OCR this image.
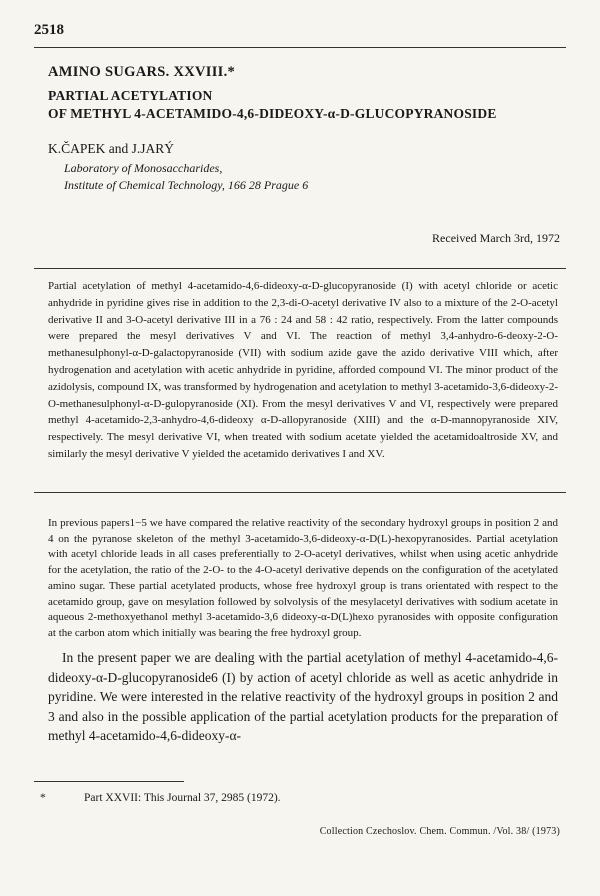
2518
AMINO SUGARS. XXVIII.*
PARTIAL ACETYLATION
OF METHYL 4-ACETAMIDO-4,6-DIDEOXY-α-D-GLUCOPYRANOSIDE
K.ČAPEK and J.JARÝ
Laboratory of Monosaccharides,
Institute of Chemical Technology, 166 28 Prague 6
Received March 3rd, 1972

Partial acetylation of methyl 4-acetamido-4,6-dideoxy-α-D-glucopyranoside (I) with acetyl chloride or acetic anhydride in pyridine gives rise in addition to the 2,3-di-O-acetyl derivative IV also to a mixture of the 2-O-acetyl derivative II and 3-O-acetyl derivative III in a 76 : 24 and 58 : 42 ratio, respectively. From the latter compounds were prepared the mesyl derivatives V and VI. The reaction of methyl 3,4-anhydro-6-deoxy-2-O-methanesulphonyl-α-D-galactopyranoside (VII) with sodium azide gave the azido derivative VIII which, after hydrogenation and acetylation with acetic anhydride in pyridine, afforded compound VI. The minor product of the azidolysis, compound IX, was transformed by hydrogenation and acetylation to methyl 3-acetamido-3,6-dideoxy-2-O-methanesulphonyl-α-D-gulopyranoside (XI). From the mesyl derivatives V and VI, respectively were prepared methyl 4-acetamido-2,3-anhydro-4,6-dideoxy α-D-allopyranoside (XIII) and the α-D-mannopyranoside XIV, respectively. The mesyl derivative VI, when treated with sodium acetate yielded the acetamidoaltroside XV, and similarly the mesyl derivative V yielded the acetamido derivatives I and XV.

In previous papers1−5 we have compared the relative reactivity of the secondary hydroxyl groups in position 2 and 4 on the pyranose skeleton of the methyl 3-acetamido-3,6-dideoxy-α-D(L)-hexopyranosides. Partial acetylation with acetyl chloride leads in all cases preferentially to 2-O-acetyl derivatives, whilst when using acetic anhydride for the acetylation, the ratio of the 2-O- to the 4-O-acetyl derivative depends on the configuration of the acetylated amino sugar. These partial acetylated products, whose free hydroxyl group is trans orientated with respect to the acetamido group, gave on mesylation followed by solvolysis of the mesylacetyl derivatives with sodium acetate in aqueous 2-methoxyethanol methyl 3-acetamido-3,6 dideoxy-α-D(L)hexo pyranosides with opposite configuration at the carbon atom which initially was bearing the free hydroxyl group.

In the present paper we are dealing with the partial acetylation of methyl 4-acetamido-4,6-dideoxy-α-D-glucopyranoside6 (I) by action of acetyl chloride as well as acetic anhydride in pyridine. We were interested in the relative reactivity of the hydroxyl groups in position 2 and 3 and also in the possible application of the partial acetylation products for the preparation of methyl 4-acetamido-4,6-dideoxy-α-

*	Part XXVII: This Journal 37, 2985 (1972).
Collection Czechoslov. Chem. Commun. /Vol. 38/ (1973)
